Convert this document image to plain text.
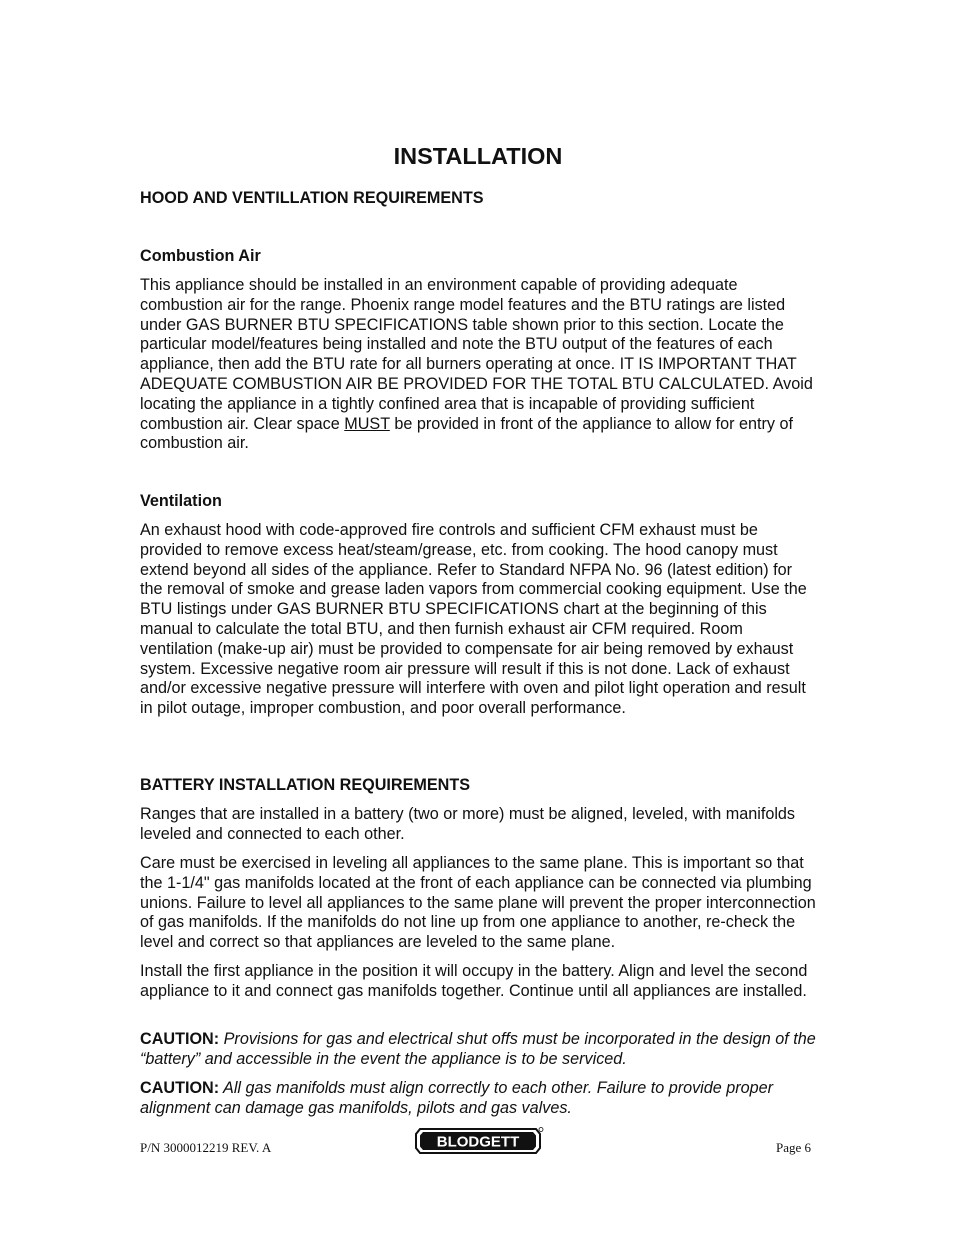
INSTALLATION
HOOD AND VENTILLATION REQUIREMENTS
Combustion Air

This appliance should be installed in an environment capable of providing adequate combustion air for the range. Phoenix range model features and the BTU ratings are listed under GAS BURNER BTU SPECIFICATIONS table shown prior to this section. Locate the particular model/features being installed and note the BTU output of the features of each appliance, then add the BTU rate for all burners operating at once. IT IS IMPORTANT THAT ADEQUATE COMBUSTION AIR BE PROVIDED FOR THE TOTAL BTU CALCULATED. Avoid locating the appliance in a tightly confined area that is incapable of providing sufficient combustion air. Clear space MUST be provided in front of the appliance to allow for entry of combustion air.

Ventilation

An exhaust hood with code-approved fire controls and sufficient CFM exhaust must be provided to remove excess heat/steam/grease, etc. from cooking. The hood canopy must extend beyond all sides of the appliance. Refer to Standard NFPA No. 96 (latest edition) for the removal of smoke and grease laden vapors from commercial cooking equipment. Use the BTU listings under GAS BURNER BTU SPECIFICATIONS chart at the beginning of this manual to calculate the total BTU, and then furnish exhaust air CFM required. Room ventilation (make-up air) must be provided to compensate for air being removed by exhaust system. Excessive negative room air pressure will result if this is not done. Lack of exhaust and/or excessive negative pressure will interfere with oven and pilot light operation and result in pilot outage, improper combustion, and poor overall performance.

BATTERY INSTALLATION REQUIREMENTS

Ranges that are installed in a battery (two or more) must be aligned, leveled, with manifolds leveled and connected to each other.

Care must be exercised in leveling all appliances to the same plane. This is important so that the 1-1/4" gas manifolds located at the front of each appliance can be connected via plumbing unions. Failure to level all appliances to the same plane will prevent the proper interconnection of gas manifolds. If the manifolds do not line up from one appliance to another, re-check the level and correct so that appliances are leveled to the same plane.

Install the first appliance in the position it will occupy in the battery. Align and level the second appliance to it and connect gas manifolds together. Continue until all appliances are installed.

CAUTION: Provisions for gas and electrical shut offs must be incorporated in the design of the “battery” and accessible in the event the appliance is to be serviced.

CAUTION: All gas manifolds must align correctly to each other. Failure to provide proper alignment can damage gas manifolds, pilots and gas valves.

P/N 3000012219 REV. A	BLODGETT	Page 6
